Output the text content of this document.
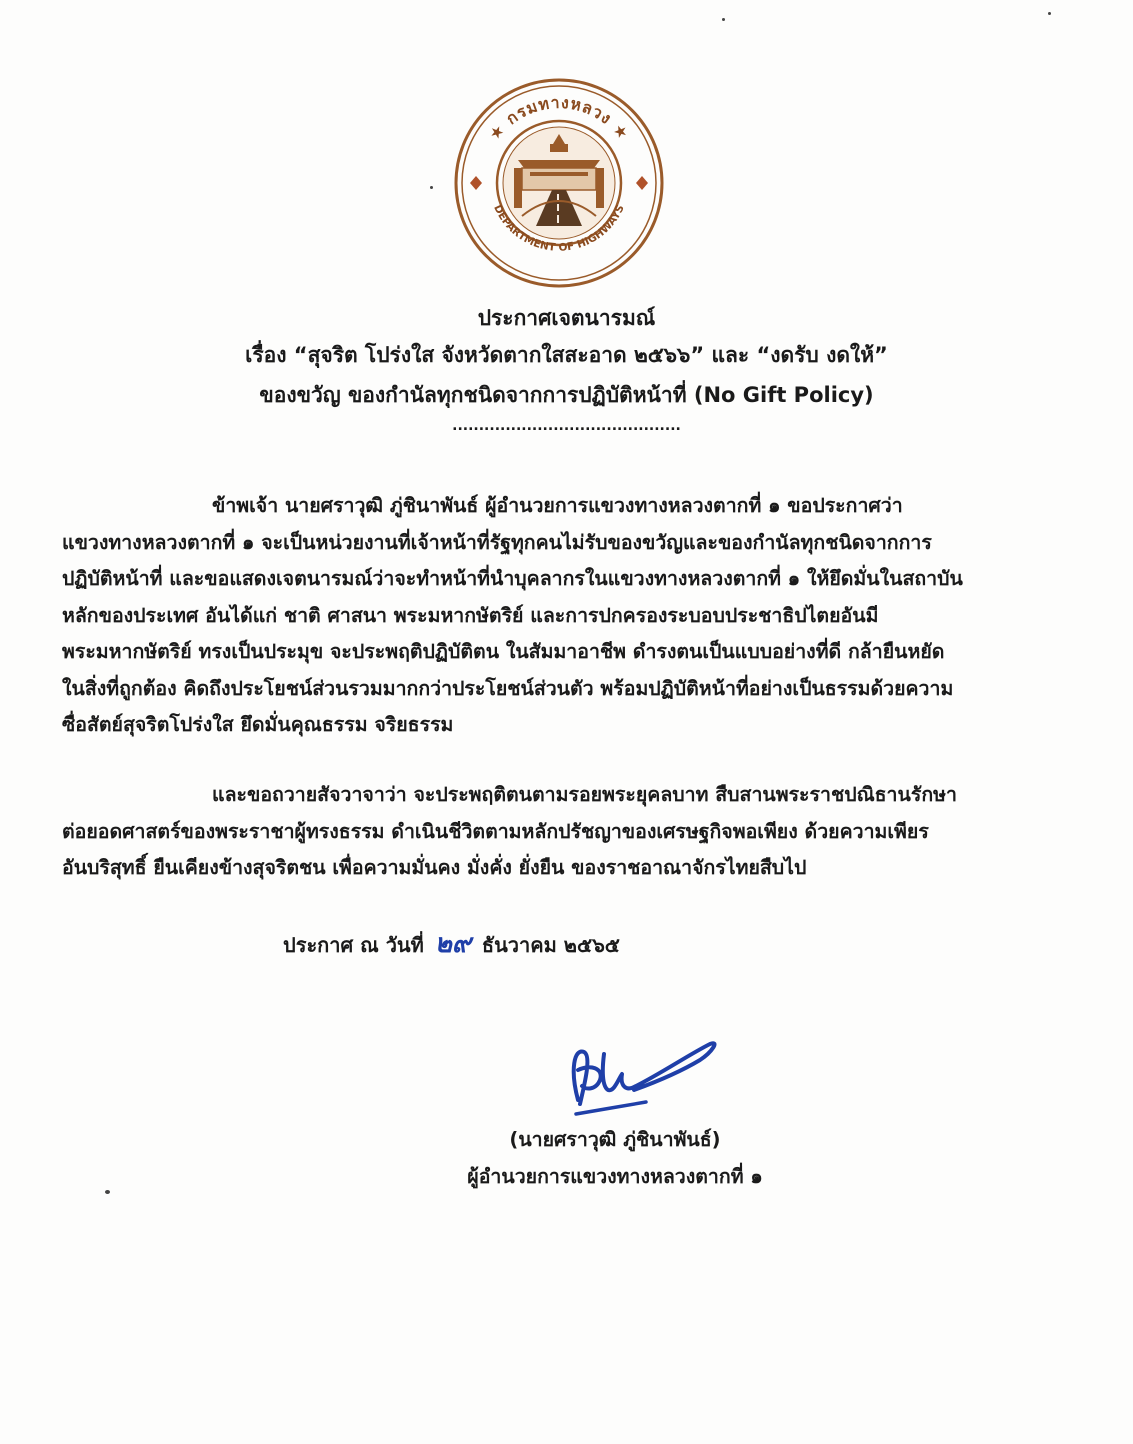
★ กรมทางหลวง ★
DEPARTMENT OF HIGHWAYS
ประกาศเจตนารมณ์
เรื่อง “สุจริต โปร่งใส จังหวัดตากใสสะอาด ๒๕๖๖” และ “งดรับ งดให้”
ของขวัญ ของกำนัลทุกชนิดจากการปฏิบัติหน้าที่ (No Gift Policy)
...........................................
ข้าพเจ้า นายศราวุฒิ ภู่ชินาพันธ์ ผู้อำนวยการแขวงทางหลวงตากที่ ๑ ขอประกาศว่า
แขวงทางหลวงตากที่ ๑ จะเป็นหน่วยงานที่เจ้าหน้าที่รัฐทุกคนไม่รับของขวัญและของกำนัลทุกชนิดจากการ
ปฏิบัติหน้าที่ และขอแสดงเจตนารมณ์ว่าจะทำหน้าที่นำบุคลากรในแขวงทางหลวงตากที่ ๑ ให้ยึดมั่นในสถาบัน
หลักของประเทศ อันได้แก่ ชาติ ศาสนา พระมหากษัตริย์ และการปกครองระบอบประชาธิปไตยอันมี
พระมหากษัตริย์ ทรงเป็นประมุข จะประพฤติปฏิบัติตน ในสัมมาอาชีพ ดำรงตนเป็นแบบอย่างที่ดี กล้ายืนหยัด
ในสิ่งที่ถูกต้อง คิดถึงประโยชน์ส่วนรวมมากกว่าประโยชน์ส่วนตัว พร้อมปฏิบัติหน้าที่อย่างเป็นธรรมด้วยความ
ซื่อสัตย์สุจริตโปร่งใส ยึดมั่นคุณธรรม จริยธรรม
และขอถวายสัจวาจาว่า จะประพฤติตนตามรอยพระยุคลบาท สืบสานพระราชปณิธานรักษา
ต่อยอดศาสตร์ของพระราชาผู้ทรงธรรม ดำเนินชีวิตตามหลักปรัชญาของเศรษฐกิจพอเพียง ด้วยความเพียร
อันบริสุทธิ์ ยืนเคียงข้างสุจริตชน เพื่อความมั่นคง มั่งคั่ง ยั่งยืน ของราชอาณาจักรไทยสืบไป
ประกาศ ณ วันที่ ๒๙ ธันวาคม ๒๕๖๕
(นายศราวุฒิ ภู่ชินาพันธ์)
ผู้อำนวยการแขวงทางหลวงตากที่ ๑
